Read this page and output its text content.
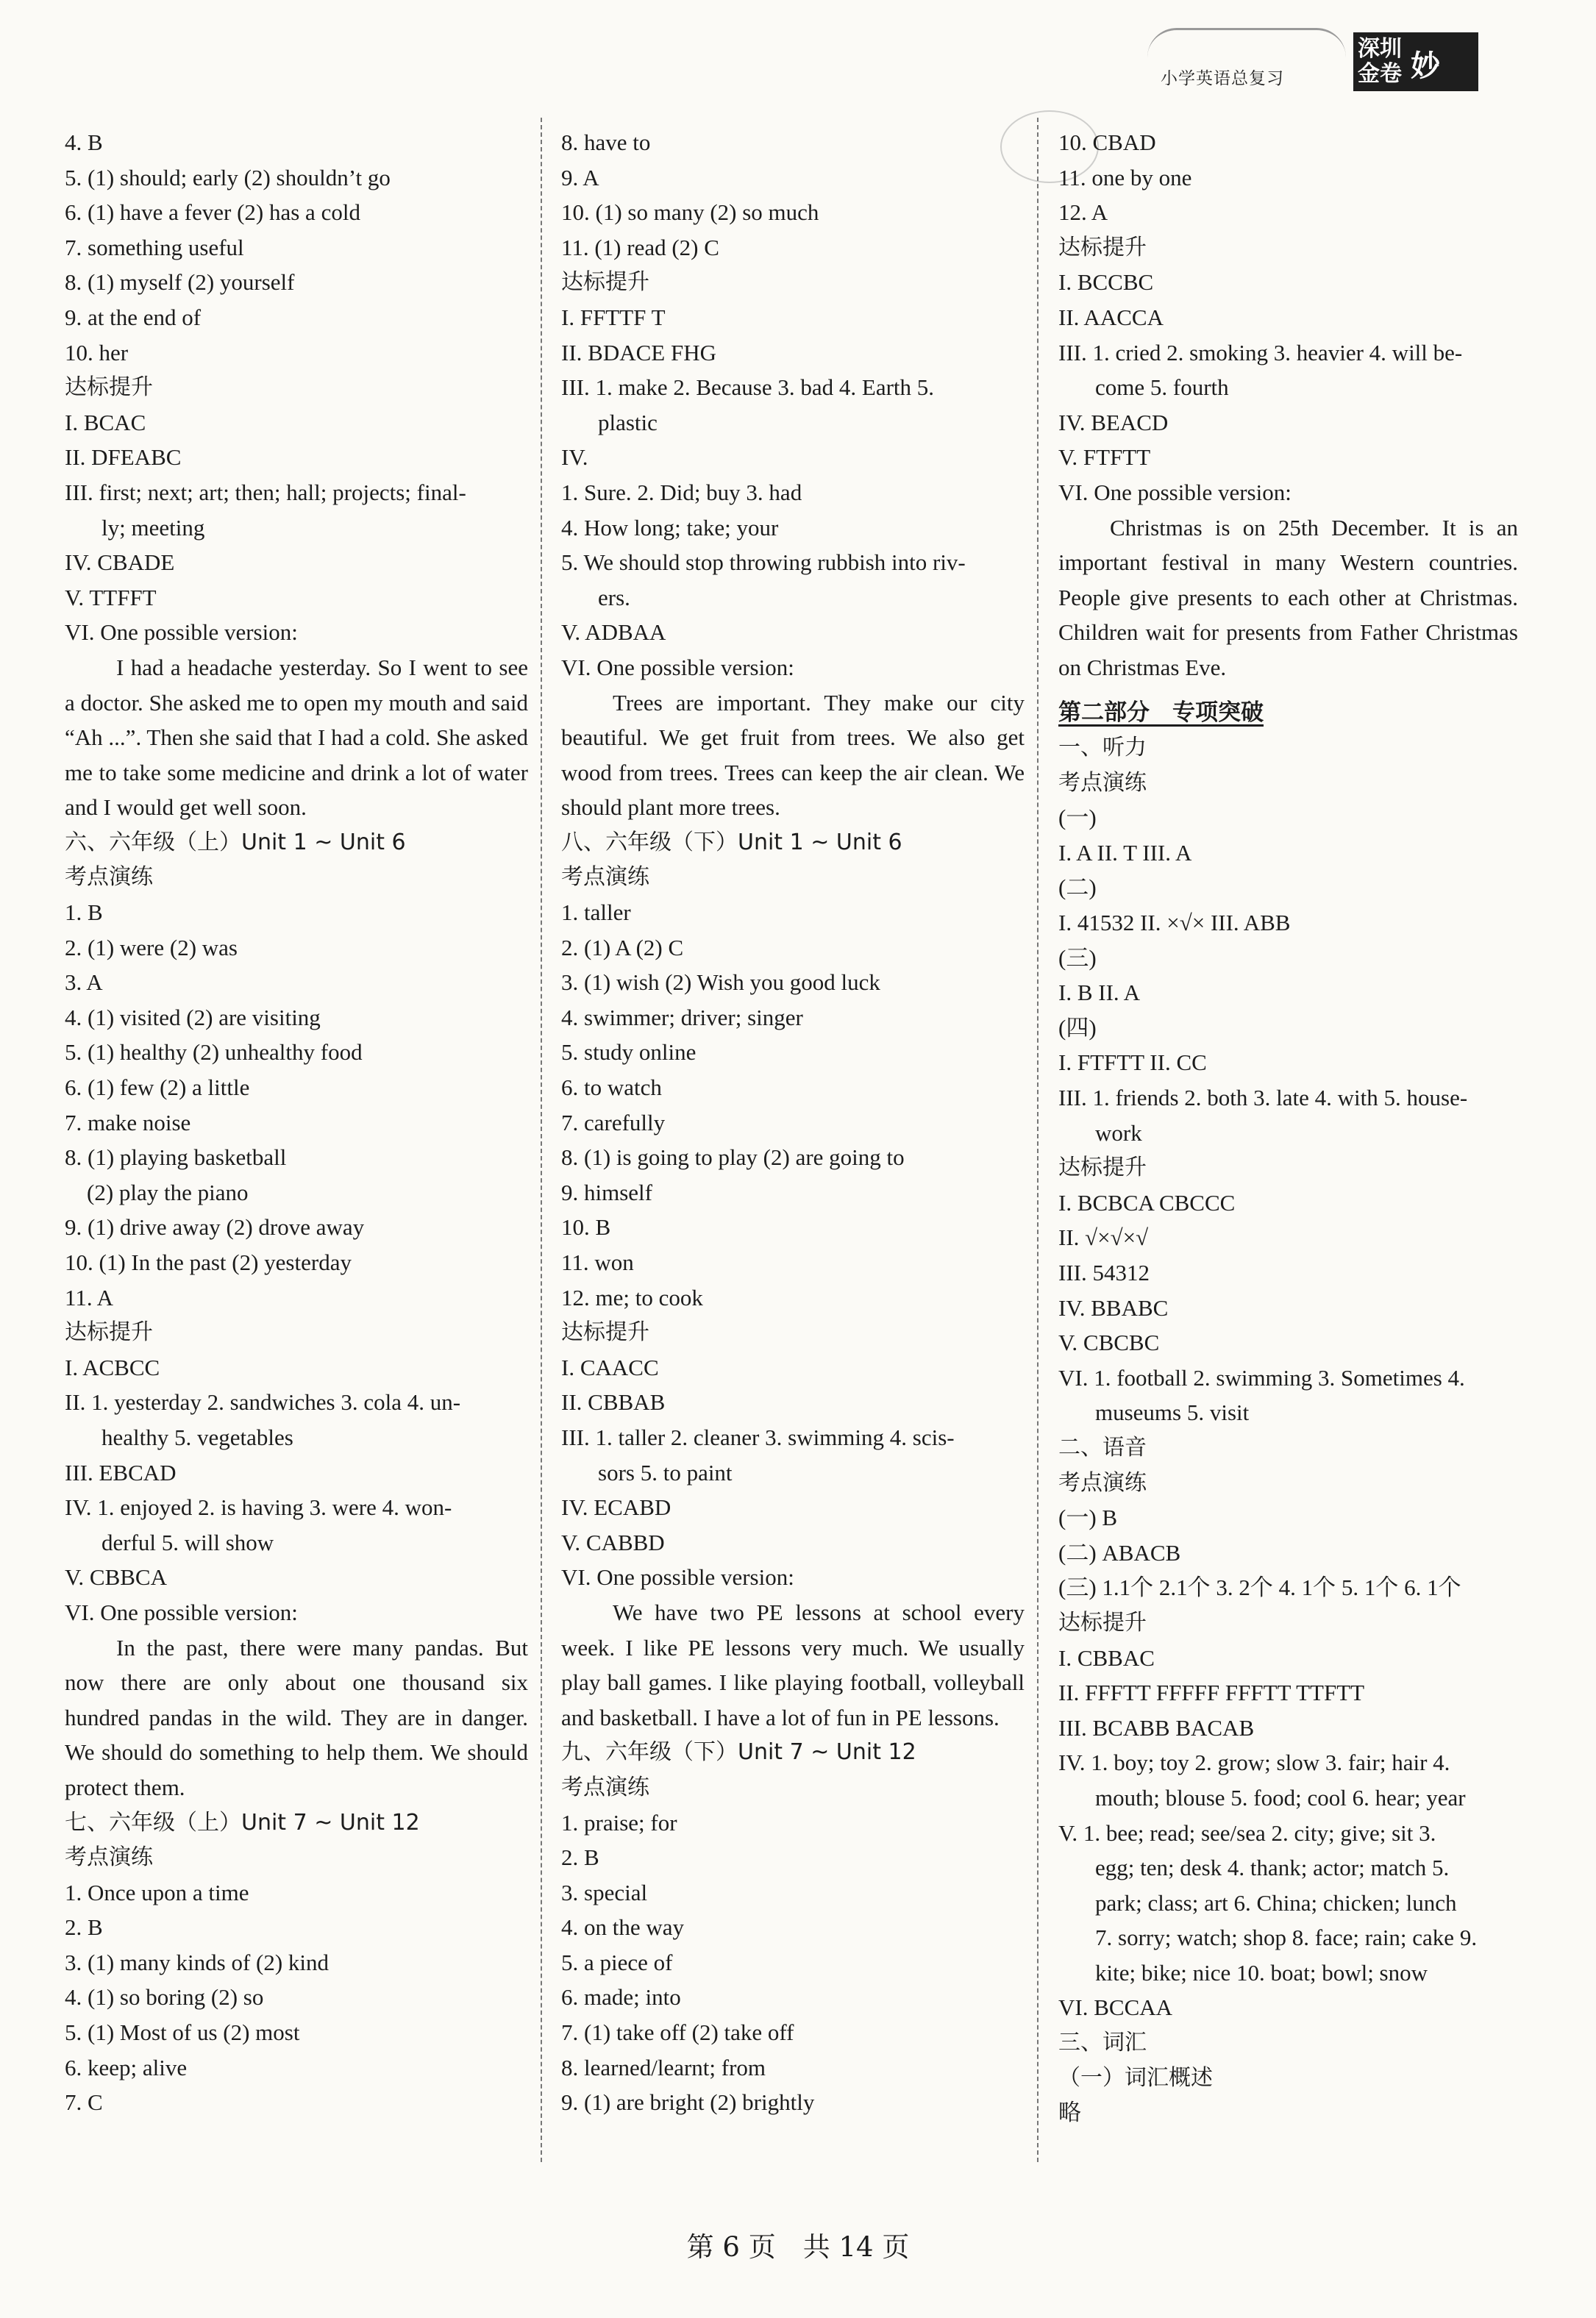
小学英语总复习
深圳金卷 妙
4. B
5. (1) should; early (2) shouldn’t go
6. (1) have a fever (2) has a cold
7. something useful
8. (1) myself (2) yourself
9. at the end of
10. her
达标提升
I. BCAC
II. DFEABC
III. first; next; art; then; hall; projects; final-
ly; meeting
IV. CBADE
V. TTFFT
VI. One possible version:
I had a headache yesterday. So I went to see a doctor. She asked me to open my mouth and said “Ah ...”. Then she said that I had a cold. She asked me to take some medicine and drink a lot of water and I would get well soon.
六、六年级（上）Unit 1 ~ Unit 6
考点演练
1. B
2. (1) were (2) was
3. A
4. (1) visited (2) are visiting
5. (1) healthy (2) unhealthy food
6. (1) few (2) a little
7. make noise
8. (1) playing basketball
(2) play the piano
9. (1) drive away (2) drove away
10. (1) In the past (2) yesterday
11. A
达标提升
I. ACBCC
II. 1. yesterday 2. sandwiches 3. cola 4. un-
healthy 5. vegetables
III. EBCAD
IV. 1. enjoyed 2. is having 3. were 4. won-
derful 5. will show
V. CBBCA
VI. One possible version:
In the past, there were many pandas. But now there are only about one thousand six hundred pandas in the wild. They are in danger. We should do something to help them. We should protect them.
七、六年级（上）Unit 7 ~ Unit 12
考点演练
1. Once upon a time
2. B
3. (1) many kinds of (2) kind
4. (1) so boring (2) so
5. (1) Most of us (2) most
6. keep; alive
7. C
8. have to
9. A
10. (1) so many (2) so much
11. (1) read (2) C
达标提升
I. FFTTF T
II. BDACE FHG
III. 1. make 2. Because 3. bad 4. Earth 5.
plastic
IV.
1. Sure. 2. Did; buy 3. had
4. How long; take; your
5. We should stop throwing rubbish into riv-
ers.
V. ADBAA
VI. One possible version:
Trees are important. They make our city beautiful. We get fruit from trees. We also get wood from trees. Trees can keep the air clean. We should plant more trees.
八、六年级（下）Unit 1 ~ Unit 6
考点演练
1. taller
2. (1) A (2) C
3. (1) wish (2) Wish you good luck
4. swimmer; driver; singer
5. study online
6. to watch
7. carefully
8. (1) is going to play (2) are going to
9. himself
10. B
11. won
12. me; to cook
达标提升
I. CAACC
II. CBBAB
III. 1. taller 2. cleaner 3. swimming 4. scis-
sors 5. to paint
IV. ECABD
V. CABBD
VI. One possible version:
We have two PE lessons at school every week. I like PE lessons very much. We usually play ball games. I like playing football, volleyball and basketball. I have a lot of fun in PE lessons.
九、六年级（下）Unit 7 ~ Unit 12
考点演练
1. praise; for
2. B
3. special
4. on the way
5. a piece of
6. made; into
7. (1) take off (2) take off
8. learned/learnt; from
9. (1) are bright (2) brightly
10. CBAD
11. one by one
12. A
达标提升
I. BCCBC
II. AACCA
III. 1. cried 2. smoking 3. heavier 4. will be-
come 5. fourth
IV. BEACD
V. FTFTT
VI. One possible version:
Christmas is on 25th December. It is an important festival in many Western countries. People give presents to each other at Christmas. Children wait for presents from Father Christmas on Christmas Eve.
第二部分　专项突破
一、听力
考点演练
(一)
I. A II. T III. A
(二)
I. 41532 II. ×√× III. ABB
(三)
I. B II. A
(四)
I. FTFTT II. CC
III. 1. friends 2. both 3. late 4. with 5. house-
work
达标提升
I. BCBCA CBCCC
II. √×√×√
III. 54312
IV. BBABC
V. CBCBC
VI. 1. football 2. swimming 3. Sometimes 4.
museums 5. visit
二、语音
考点演练
(一) B
(二) ABACB
(三) 1.1个 2.1个 3. 2个 4. 1个 5. 1个 6. 1个
达标提升
I. CBBAC
II. FFFTT FFFFF FFFTT TTFTT
III. BCABB BACAB
IV. 1. boy; toy 2. grow; slow 3. fair; hair 4.
mouth; blouse 5. food; cool 6. hear; year
V. 1. bee; read; see/sea 2. city; give; sit 3.
egg; ten; desk 4. thank; actor; match 5.
park; class; art 6. China; chicken; lunch
7. sorry; watch; shop 8. face; rain; cake 9.
kite; bike; nice 10. boat; bowl; snow
VI. BCCAA
三、词汇
（一）词汇概述
略
第 6 页　共 14 页
